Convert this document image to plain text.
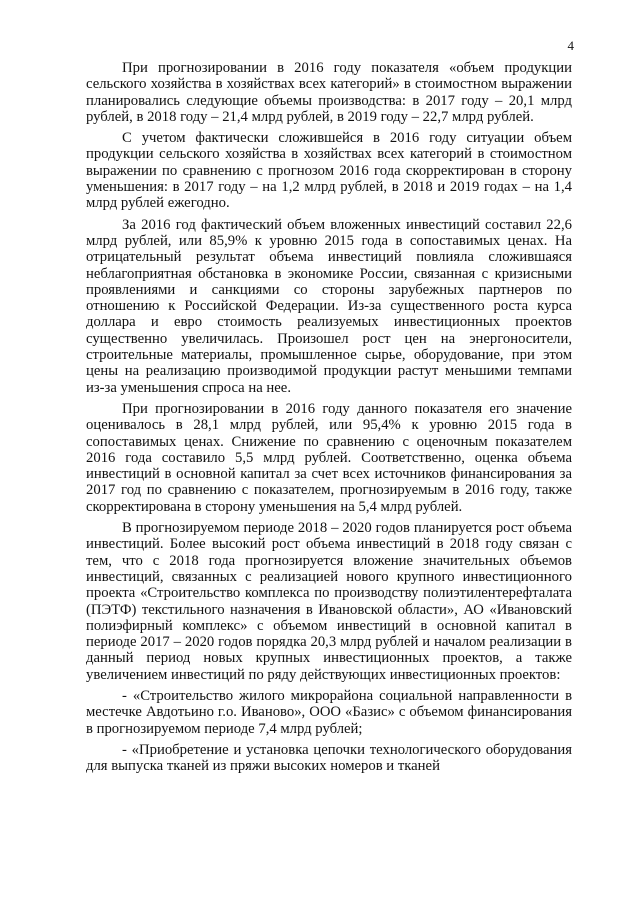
4

При прогнозировании в 2016 году показателя «объем продукции сельского хозяйства в хозяйствах всех категорий» в стоимостном выражении планировались следующие объемы производства: в 2017 году – 20,1 млрд рублей, в 2018 году – 21,4 млрд рублей, в 2019 году – 22,7 млрд рублей.

С учетом фактически сложившейся в 2016 году ситуации объем продукции сельского хозяйства в хозяйствах всех категорий в стоимостном выражении по сравнению с прогнозом 2016 года скорректирован в сторону уменьшения: в 2017 году – на 1,2 млрд рублей, в 2018 и 2019 годах – на 1,4 млрд рублей ежегодно.

За 2016 год фактический объем вложенных инвестиций составил 22,6 млрд рублей, или 85,9% к уровню 2015 года в сопоставимых ценах. На отрицательный результат объема инвестиций повлияла сложившаяся неблагоприятная обстановка в экономике России, связанная с кризисными проявлениями и санкциями со стороны зарубежных партнеров по отношению к Российской Федерации. Из-за существенного роста курса доллара и евро стоимость реализуемых инвестиционных проектов существенно увеличилась. Произошел рост цен на энергоносители, строительные материалы, промышленное сырье, оборудование, при этом цены на реализацию производимой продукции растут меньшими темпами из-за уменьшения спроса на нее.

При прогнозировании в 2016 году данного показателя его значение оценивалось в 28,1 млрд рублей, или 95,4% к уровню 2015 года в сопоставимых ценах. Снижение по сравнению с оценочным показателем 2016 года составило 5,5 млрд рублей. Соответственно, оценка объема инвестиций в основной капитал за счет всех источников финансирования за 2017 год по сравнению с показателем, прогнозируемым в 2016 году, также скорректирована в сторону уменьшения на 5,4 млрд рублей.

В прогнозируемом периоде 2018 – 2020 годов планируется рост объема инвестиций. Более высокий рост объема инвестиций в 2018 году связан с тем, что с 2018 года прогнозируется вложение значительных объемов инвестиций, связанных с реализацией нового крупного инвестиционного проекта «Строительство комплекса по производству полиэтилентерефталата (ПЭТФ) текстильного назначения в Ивановской области», АО «Ивановский полиэфирный комплекс» с объемом инвестиций в основной капитал в периоде 2017 – 2020 годов порядка 20,3 млрд рублей и началом реализации в данный период новых крупных инвестиционных проектов, а также увеличением инвестиций по ряду действующих инвестиционных проектов:

- «Строительство жилого микрорайона социальной направленности в местечке Авдотьино г.о. Иваново», ООО «Базис» с объемом финансирования в прогнозируемом периоде 7,4 млрд рублей;

- «Приобретение и установка цепочки технологического оборудования для выпуска тканей из пряжи высоких номеров и тканей
